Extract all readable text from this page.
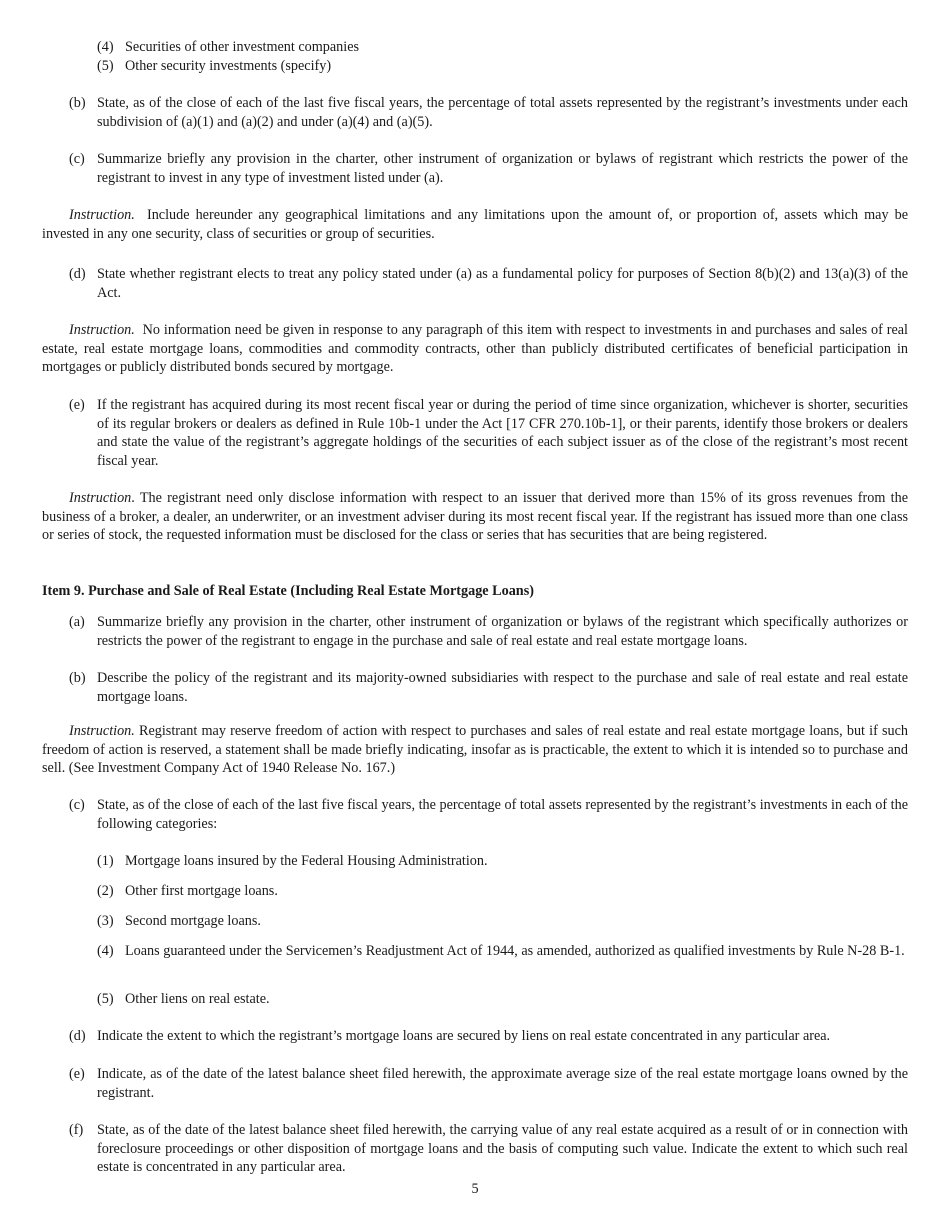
(4) Securities of other investment companies
(5) Other security investments (specify)
(b) State, as of the close of each of the last five fiscal years, the percentage of total assets represented by the registrant’s investments under each subdivision of (a)(1) and (a)(2) and under (a)(4) and (a)(5).
(c) Summarize briefly any provision in the charter, other instrument of organization or bylaws of registrant which restricts the power of the registrant to invest in any type of investment listed under (a).
Instruction. Include hereunder any geographical limitations and any limitations upon the amount of, or proportion of, assets which may be invested in any one security, class of securities or group of securities.
(d) State whether registrant elects to treat any policy stated under (a) as a fundamental policy for purposes of Section 8(b)(2) and 13(a)(3) of the Act.
Instruction. No information need be given in response to any paragraph of this item with respect to investments in and purchases and sales of real estate, real estate mortgage loans, commodities and commodity contracts, other than publicly distributed certificates of beneficial participation in mortgages or publicly distributed bonds secured by mortgage.
(e) If the registrant has acquired during its most recent fiscal year or during the period of time since organization, whichever is shorter, securities of its regular brokers or dealers as defined in Rule 10b-1 under the Act [17 CFR 270.10b-1], or their parents, identify those brokers or dealers and state the value of the registrant’s aggregate holdings of the securities of each subject issuer as of the close of the registrant’s most recent fiscal year.
Instruction. The registrant need only disclose information with respect to an issuer that derived more than 15% of its gross revenues from the business of a broker, a dealer, an underwriter, or an investment adviser during its most recent fiscal year. If the registrant has issued more than one class or series of stock, the requested information must be disclosed for the class or series that has securities that are being registered.
Item 9. Purchase and Sale of Real Estate (Including Real Estate Mortgage Loans)
(a) Summarize briefly any provision in the charter, other instrument of organization or bylaws of the registrant which specifically authorizes or restricts the power of the registrant to engage in the purchase and sale of real estate and real estate mortgage loans.
(b) Describe the policy of the registrant and its majority-owned subsidiaries with respect to the purchase and sale of real estate and real estate mortgage loans.
Instruction. Registrant may reserve freedom of action with respect to purchases and sales of real estate and real estate mortgage loans, but if such freedom of action is reserved, a statement shall be made briefly indicating, insofar as is practicable, the extent to which it is intended so to purchase and sell. (See Investment Company Act of 1940 Release No. 167.)
(c) State, as of the close of each of the last five fiscal years, the percentage of total assets represented by the registrant’s investments in each of the following categories:
(1) Mortgage loans insured by the Federal Housing Administration.
(2) Other first mortgage loans.
(3) Second mortgage loans.
(4) Loans guaranteed under the Servicemen’s Readjustment Act of 1944, as amended, authorized as qualified investments by Rule N-28 B-1.
(5) Other liens on real estate.
(d) Indicate the extent to which the registrant’s mortgage loans are secured by liens on real estate concentrated in any particular area.
(e) Indicate, as of the date of the latest balance sheet filed herewith, the approximate average size of the real estate mortgage loans owned by the registrant.
(f) State, as of the date of the latest balance sheet filed herewith, the carrying value of any real estate acquired as a result of or in connection with foreclosure proceedings or other disposition of mortgage loans and the basis of computing such value. Indicate the extent to which such real estate is concentrated in any particular area.
5
